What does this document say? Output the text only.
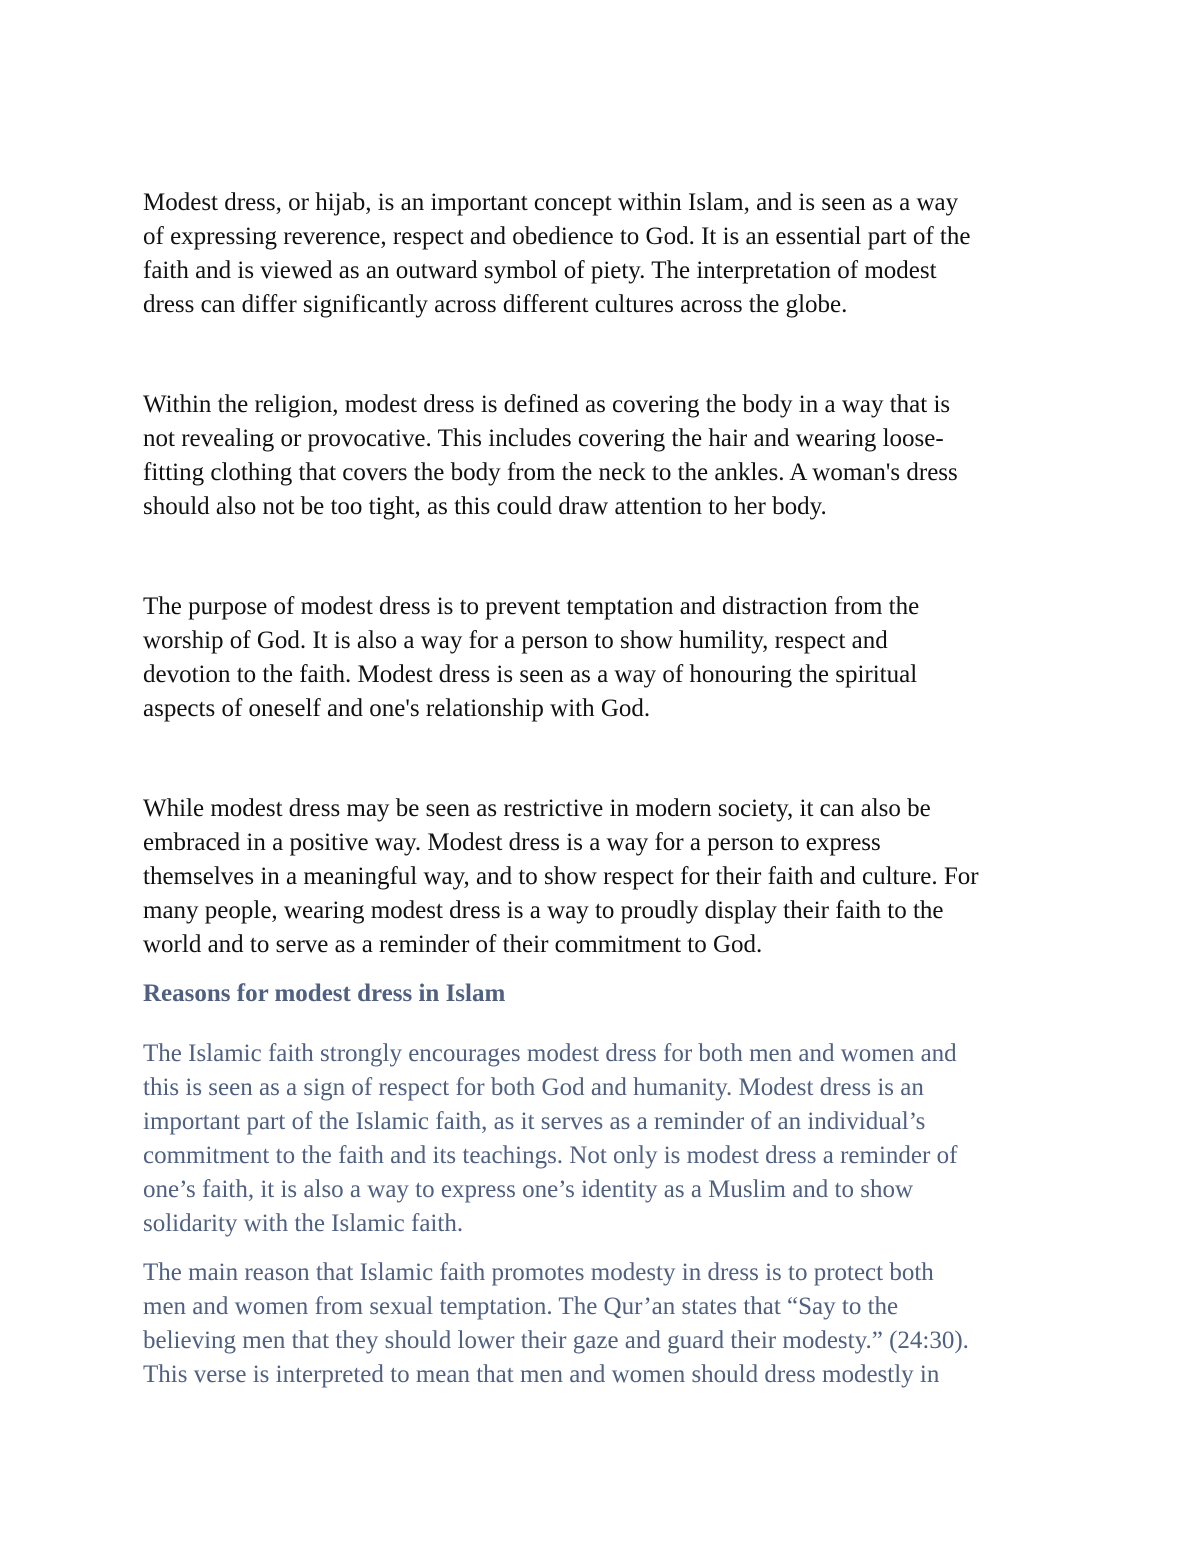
Modest dress, or hijab, is an important concept within Islam, and is seen as a way
of expressing reverence, respect and obedience to God. It is an essential part of the
faith and is viewed as an outward symbol of piety. The interpretation of modest
dress can differ significantly across different cultures across the globe.

Within the religion, modest dress is defined as covering the body in a way that is
not revealing or provocative. This includes covering the hair and wearing loose-
fitting clothing that covers the body from the neck to the ankles. A woman's dress
should also not be too tight, as this could draw attention to her body.

The purpose of modest dress is to prevent temptation and distraction from the
worship of God. It is also a way for a person to show humility, respect and
devotion to the faith. Modest dress is seen as a way of honouring the spiritual
aspects of oneself and one's relationship with God.

While modest dress may be seen as restrictive in modern society, it can also be
embraced in a positive way. Modest dress is a way for a person to express
themselves in a meaningful way, and to show respect for their faith and culture. For
many people, wearing modest dress is a way to proudly display their faith to the
world and to serve as a reminder of their commitment to God.

Reasons for modest dress in Islam

The Islamic faith strongly encourages modest dress for both men and women and
this is seen as a sign of respect for both God and humanity. Modest dress is an
important part of the Islamic faith, as it serves as a reminder of an individual’s
commitment to the faith and its teachings. Not only is modest dress a reminder of
one’s faith, it is also a way to express one’s identity as a Muslim and to show
solidarity with the Islamic faith.

The main reason that Islamic faith promotes modesty in dress is to protect both
men and women from sexual temptation. The Qur’an states that “Say to the
believing men that they should lower their gaze and guard their modesty.” (24:30).
This verse is interpreted to mean that men and women should dress modestly in
